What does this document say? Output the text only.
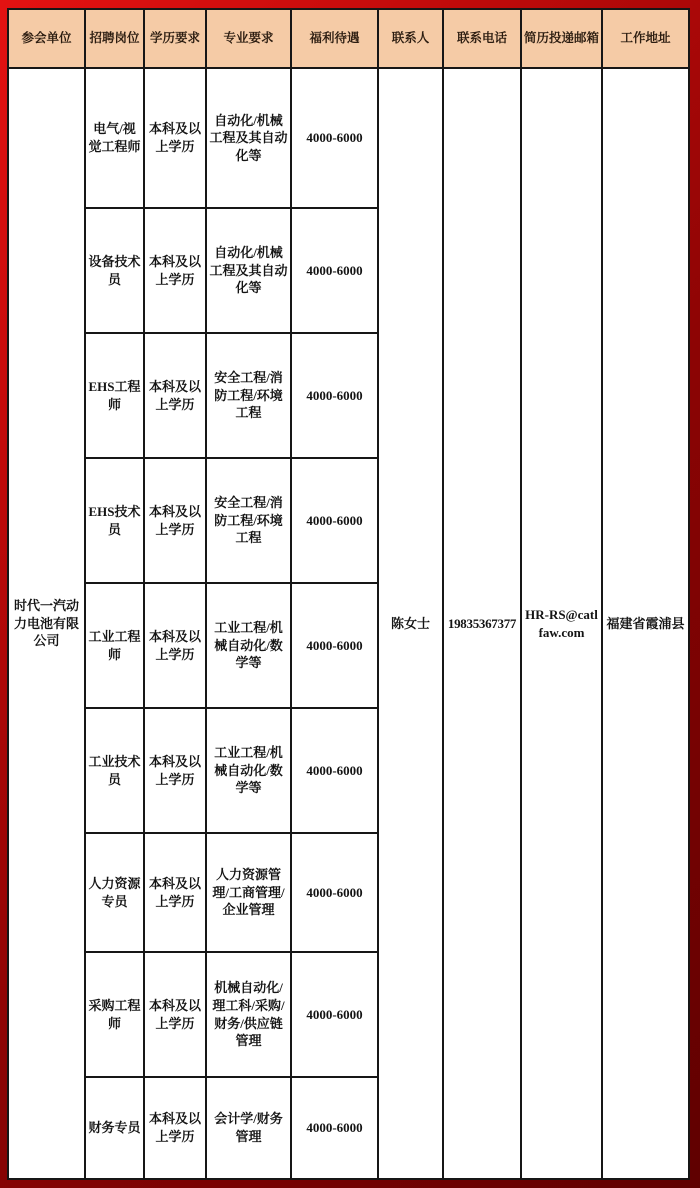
参会单位	招聘岗位	学历要求	专业要求	福利待遇	联系人	联系电话	简历投递邮箱	工作地址
时代一汽动力电池有限公司	电气/视觉工程师	本科及以上学历	自动化/机械工程及其自动化等	4000-6000	陈女士	19835367377	HR-RS@catlfaw.com	福建省霞浦县
	设备技术员	本科及以上学历	自动化/机械工程及其自动化等	4000-6000				
	EHS工程师	本科及以上学历	安全工程/消防工程/环境工程	4000-6000				
	EHS技术员	本科及以上学历	安全工程/消防工程/环境工程	4000-6000				
	工业工程师	本科及以上学历	工业工程/机械自动化/数学等	4000-6000				
	工业技术员	本科及以上学历	工业工程/机械自动化/数学等	4000-6000				
	人力资源专员	本科及以上学历	人力资源管理/工商管理/企业管理	4000-6000				
	采购工程师	本科及以上学历	机械自动化/理工科/采购/财务/供应链管理	4000-6000				
	财务专员	本科及以上学历	会计学/财务管理	4000-6000				
